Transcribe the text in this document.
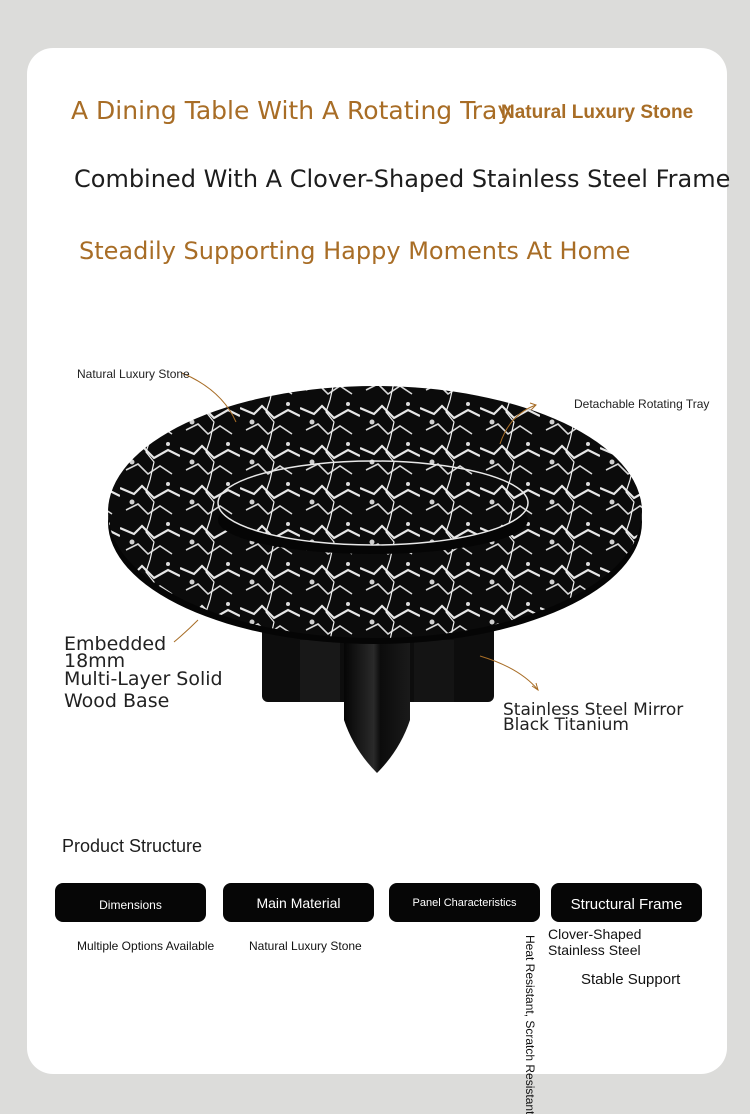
A Dining Table With A Rotating Tray
Natural Luxury Stone
Combined With A Clover-Shaped Stainless Steel Frame
Steadily Supporting Happy Moments At Home
Natural Luxury Stone
Detachable Rotating Tray
Embedded
18mm
Multi-Layer Solid
Wood Base	Stainless Steel Mirror
Black Titanium
Product Structure
Dimensions	Main Material	Panel Characteristics	Structural Frame
Multiple Options Available	Natural Luxury Stone	Heat Resistant, Scratch Resistant
Clover-Shaped
Stainless Steel
Stable Support
